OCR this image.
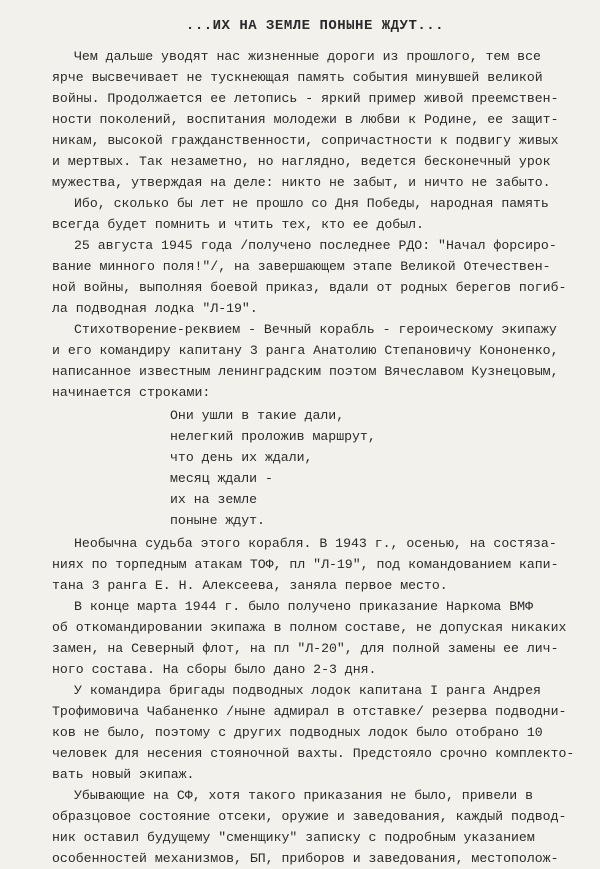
...ИХ НА ЗЕМЛЕ ПОНЫНЕ ЖДУТ...
Чем дальше уводят нас жизненные дороги из прошлого, тем все
ярче высвечивает не тускнеющая память события минувшей великой
войны. Продолжается ее летопись - яркий пример живой преемствен-
ности поколений, воспитания молодежи в любви к Родине, ее защит-
никам, высокой гражданственности, сопричастности к подвигу живых
и мертвых. Так незаметно, но наглядно, ведется бесконечный урок
мужества, утверждая на деле: никто не забыт, и ничто не забыто.
Ибо, сколько бы лет не прошло со Дня Победы, народная память
всегда будет помнить и чтить тех, кто ее добыл.
25 августа 1945 года /получено последнее РДО: "Начал форсиро-
вание минного поля!"/, на завершающем этапе Великой Отечествен-
ной войны, выполняя боевой приказ, вдали от родных берегов погиб-
ла подводная лодка "Л-19".
Стихотворение-реквием - Вечный корабль - героическому экипажу
и его командиру капитану 3 ранга Анатолию Степановичу Кононенко,
написанное известным ленинградским поэтом Вячеславом Кузнецовым,
начинается строками:
Они ушли в такие дали,
нелегкий проложив маршрут,
что день их ждали,
месяц ждали -
их на земле
поныне ждут.
Необычна судьба этого корабля. В 1943 г., осенью, на состяза-
ниях по торпедным атакам ТОФ, пл "Л-19", под командованием капи-
тана 3 ранга Е. Н. Алексеева, заняла первое место.
В конце марта 1944 г. было получено приказание Наркома ВМФ
об откомандировании экипажа в полном составе, не допуская никаких
замен, на Северный флот, на пл "Л-20", для полной замены ее лич-
ного состава. На сборы было дано 2-3 дня.
У командира бригады подводных лодок капитана I ранга Андрея
Трофимовича Чабаненко /ныне адмирал в отставке/ резерва подводни-
ков не было, поэтому с других подводных лодок было отобрано 10
человек для несения стояночной вахты. Предстояло срочно комплекто-
вать новый экипаж.
Убывающие на СФ, хотя такого приказания не было, привели в
образцовое состояние отсеки, оружие и заведования, каждый подвод-
ник оставил будущему "сменщику" записку с подробным указанием
особенностей механизмов, БП, приборов и заведования, местополож-
